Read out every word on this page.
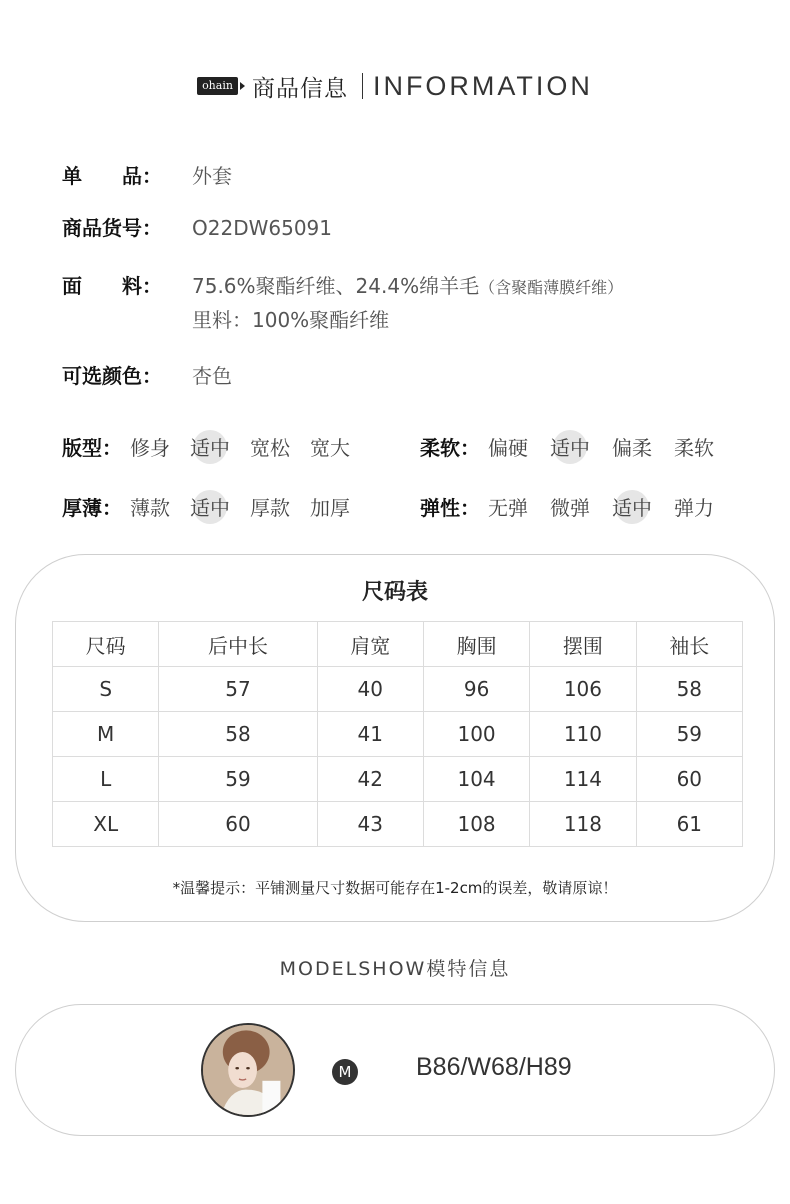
ohain 商品信息 INFORMATION
单 品： 外套
商品货号：	O22DW65091
面 料： 75.6%聚酯纤维、24.4%绵羊毛（含聚酯薄膜纤维）
里料：100%聚酯纤维
可选颜色：	杏色
版型： 修身 适中 宽松 宽大	柔软： 偏硬 适中 偏柔 柔软
厚薄： 薄款 适中 厚款 加厚	弹性： 无弹 微弹 适中 弹力
尺码表
尺码	后中长	肩宽	胸围	摆围	袖长
S	57	40	96	106	58
M	58	41	100	110	59
L	59	42	104	114	60
XL	60	43	108	118	61
*温馨提示：平铺测量尺寸数据可能存在1-2cm的误差，敬请原谅！
MODELSHOW模特信息
M	B86/W68/H89
